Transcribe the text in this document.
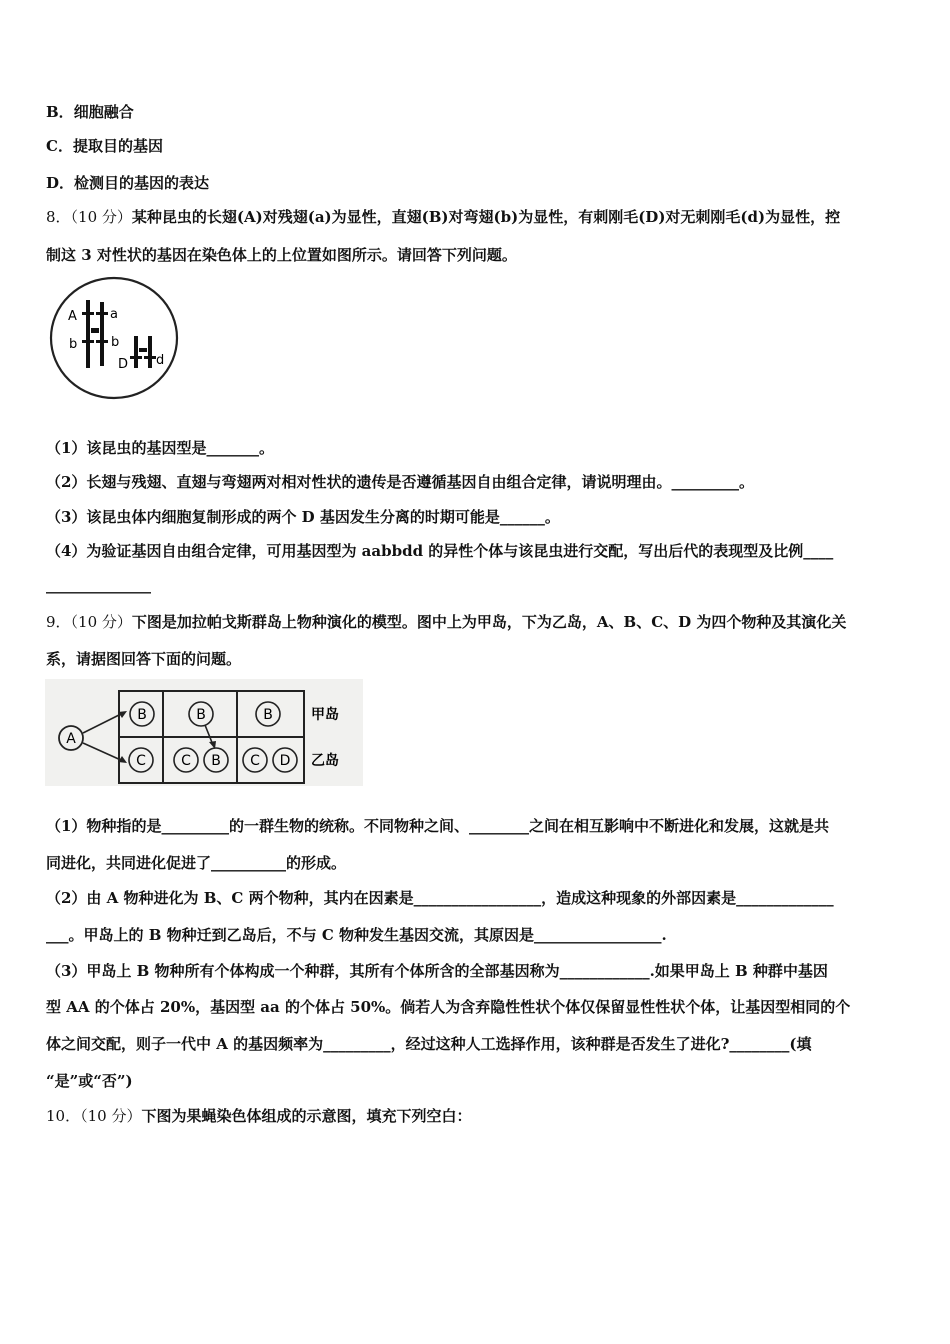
B．细胞融合
C．提取目的基因
D．检测目的基因的表达
8．（10 分）某种昆虫的长翅(A)对残翅(a)为显性，直翅(B)对弯翅(b)为显性，有刺刚毛(D)对无刺刚毛(d)为显性，控
制这 3 对性状的基因在染色体上的上位置如图所示。请回答下列问题。
A	a
b	b
D d
（1）该昆虫的基因型是_______。
（2）长翅与残翅、直翅与弯翅两对相对性状的遗传是否遵循基因自由组合定律，请说明理由。_________。
（3）该昆虫体内细胞复制形成的两个 D 基因发生分离的时期可能是______。
（4）为验证基因自由组合定律，可用基因型为 aabbdd 的异性个体与该昆虫进行交配，写出后代的表现型及比例____
______________
9．（10 分）下图是加拉帕戈斯群岛上物种演化的模型。图中上为甲岛，下为乙岛，A、B、C、D 为四个物种及其演化关
系，请据图回答下面的问题。
A
B	B	B
C	C B C D
甲岛
乙岛
（1）物种指的是_________的一群生物的统称。不同物种之间、________之间在相互影响中不断进化和发展，这就是共
同进化，共同进化促进了__________的形成。
（2）由 A 物种进化为 B、C 两个物种，其内在因素是_________________，造成这种现象的外部因素是_____________
___。甲岛上的 B 物种迁到乙岛后，不与 C 物种发生基因交流，其原因是_________________.
（3）甲岛上 B 物种所有个体构成一个种群，其所有个体所含的全部基因称为____________.如果甲岛上 B 种群中基因
型 AA 的个体占 20%，基因型 aa 的个体占 50%。倘若人为含弃隐性性状个体仅保留显性性状个体，让基因型相同的个
体之间交配，则子一代中 A 的基因频率为_________，经过这种人工选择作用，该种群是否发生了进化?________(填
“是”或“否”)
10．（10 分）下图为果蝇染色体组成的示意图，填充下列空白：
